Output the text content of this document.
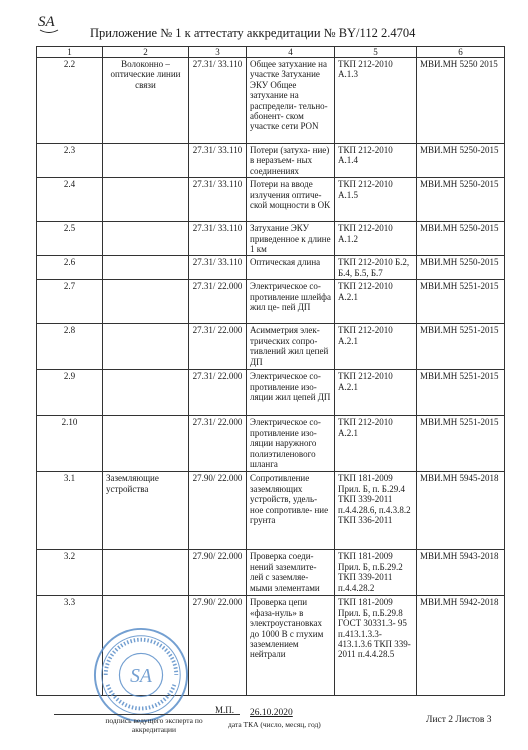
SA
Приложение № 1 к аттестату аккредитации № BY/112 2.4704
1	2	3	4	5	6
2.2	Волоконно – оптические линии связи	27.31/ 33.110	Общее затухание на участке Затухание ЭКУ Общее затухание на распредели- тельно-абонент- ском участке сети PON	ТКП 212-2010 А.1.3	МВИ.МН 5250 2015
2.3		27.31/ 33.110	Потери (затуха- ние) в неразъем- ных соединениях	ТКП 212-2010 А.1.4	МВИ.МН 5250-2015
2.4		27.31/ 33.110	Потери на вводе излучения оптиче- ской мощности в ОК	ТКП 212-2010 А.1.5	МВИ.МН 5250-2015
2.5		27.31/ 33.110	Затухание ЭКУ приведенное к длине 1 км	ТКП 212-2010 А.1.2	МВИ.МН 5250-2015
2.6		27.31/ 33.110	Оптическая длина	ТКП 212-2010 Б.2, Б.4, Б.5, Б.7	МВИ.МН 5250-2015
2.7		27.31/ 22.000	Электрическое со- противление шлейфа жил це- пей ДП	ТКП 212-2010 А.2.1	МВИ.МН 5251-2015
2.8		27.31/ 22.000	Асимметрия элек- трических сопро- тивлений жил цепей ДП	ТКП 212-2010 А.2.1	МВИ.МН 5251-2015
2.9		27.31/ 22.000	Электрическое со- противление изо- ляции жил цепей ДП	ТКП 212-2010 А.2.1	МВИ.МН 5251-2015
2.10		27.31/ 22.000	Электрическое со- противление изо- ляции наружного полиэтиленового шланга	ТКП 212-2010 А.2.1	МВИ.МН 5251-2015
3.1	Заземляющие устройства	27.90/ 22.000	Сопротивление заземляющих устройств, удель- ное сопротивле- ние грунта	ТКП 181-2009 Прил. Б, п. Б.29.4 ТКП 339-2011 п.4.4.28.6, п.4.3.8.2 ТКП 336-2011	МВИ.МН 5945-2018
3.2		27.90/ 22.000	Проверка соеди- нений заземлите- лей с заземляе- мыми элементами	ТКП 181-2009 Прил. Б, п.Б.29.2 ТКП 339-2011 п.4.4.28.2	МВИ.МН 5943-2018
3.3		27.90/ 22.000	Проверка цепи «фаза-нуль» в электроустановках до 1000 В с глухим заземлением нейтрали	ТКП 181-2009 Прил. Б, п.Б.29.8 ГОСТ 30331.3- 95 п.413.1.3.3- 413.1.3.6 ТКП 339-2011 п.4.4.28.5	МВИ.МН 5942-2018
SA
М.П.
подпись ведущего эксперта по аккредитации
26.10.2020
дата ТКА (число, месяц, год)	Лист 2 Листов 3
